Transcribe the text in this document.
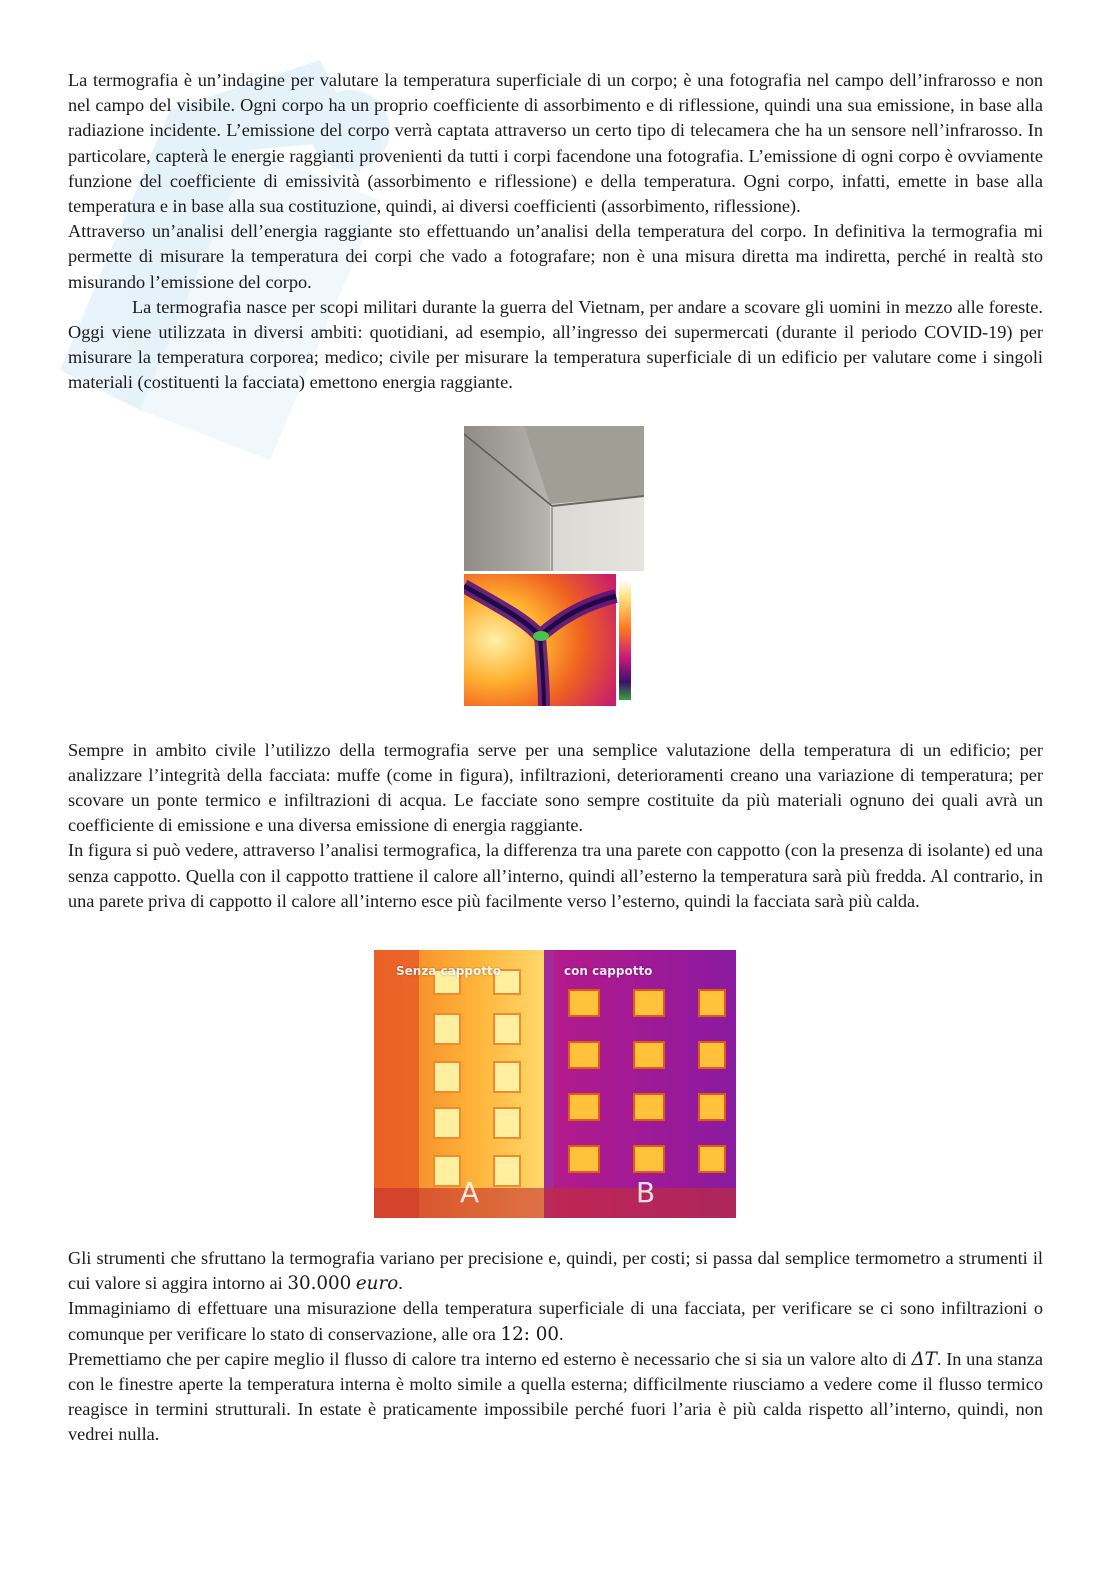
La termografia è un’indagine per valutare la temperatura superficiale di un corpo; è una fotografia nel campo dell’infrarosso e non nel campo del visibile. Ogni corpo ha un proprio coefficiente di assorbimento e di riflessione, quindi una sua emissione, in base alla radiazione incidente. L’emissione del corpo verrà captata attraverso un certo tipo di telecamera che ha un sensore nell’infrarosso. In particolare, capterà le energie raggianti provenienti da tutti i corpi facendone una fotografia. L’emissione di ogni corpo è ovviamente funzione del coefficiente di emissività (assorbimento e riflessione) e della temperatura. Ogni corpo, infatti, emette in base alla temperatura e in base alla sua costituzione, quindi, ai diversi coefficienti (assorbimento, riflessione).

Attraverso un’analisi dell’energia raggiante sto effettuando un’analisi della temperatura del corpo. In definitiva la termografia mi permette di misurare la temperatura dei corpi che vado a fotografare; non è una misura diretta ma indiretta, perché in realtà sto misurando l’emissione del corpo.

La termografia nasce per scopi militari durante la guerra del Vietnam, per andare a scovare gli uomini in mezzo alle foreste. Oggi viene utilizzata in diversi ambiti: quotidiani, ad esempio, all’ingresso dei supermercati (durante il periodo COVID-19) per misurare la temperatura corporea; medico; civile per misurare la temperatura superficiale di un edificio per valutare come i singoli materiali (costituenti la facciata) emettono energia raggiante.

Sempre in ambito civile l’utilizzo della termografia serve per una semplice valutazione della temperatura di un edificio; per analizzare l’integrità della facciata: muffe (come in figura), infiltrazioni, deterioramenti creano una variazione di temperatura; per scovare un ponte termico e infiltrazioni di acqua. Le facciate sono sempre costituite da più materiali ognuno dei quali avrà un coefficiente di emissione e una diversa emissione di energia raggiante.

In figura si può vedere, attraverso l’analisi termografica, la differenza tra una parete con cappotto (con la presenza di isolante) ed una senza cappotto. Quella con il cappotto trattiene il calore all’interno, quindi all’esterno la temperatura sarà più fredda. Al contrario, in una parete priva di cappotto il calore all’interno esce più facilmente verso l’esterno, quindi la facciata sarà più calda.

Senza cappotto	con cappotto
A	B

Gli strumenti che sfruttano la termografia variano per precisione e, quindi, per costi; si passa dal semplice termometro a strumenti il cui valore si aggira intorno ai 30.000 euro.

Immaginiamo di effettuare una misurazione della temperatura superficiale di una facciata, per verificare se ci sono infiltrazioni o comunque per verificare lo stato di conservazione, alle ora 12: 00.

Premettiamo che per capire meglio il flusso di calore tra interno ed esterno è necessario che si sia un valore alto di ΔT. In una stanza con le finestre aperte la temperatura interna è molto simile a quella esterna; difficilmente riusciamo a vedere come il flusso termico reagisce in termini strutturali. In estate è praticamente impossibile perché fuori l’aria è più calda rispetto all’interno, quindi, non vedrei nulla.
